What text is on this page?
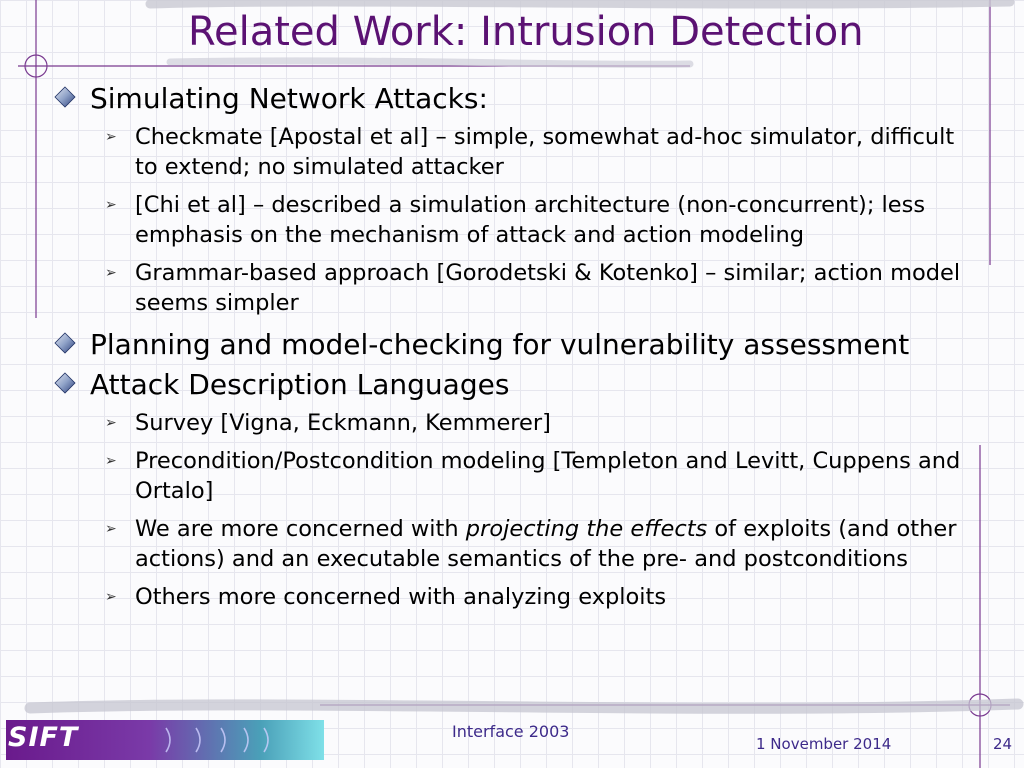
Related Work: Intrusion Detection
Simulating Network Attacks:
➢ Checkmate [Apostal et al] – simple, somewhat ad-hoc simulator, difficult to extend; no simulated attacker
➢ [Chi et al] – described a simulation architecture (non-concurrent); less emphasis on the mechanism of attack and action modeling
➢ Grammar-based approach [Gorodetski & Kotenko] – similar; action model seems simpler
Planning and model-checking for vulnerability assessment
Attack Description Languages
➢ Survey [Vigna, Eckmann, Kemmerer]
➢ Precondition/Postcondition modeling [Templeton and Levitt, Cuppens and Ortalo]
➢ We are more concerned with projecting the effects of exploits (and other actions) and an executable semantics of the pre- and postconditions
➢ Others more concerned with analyzing exploits
SIFT	Interface 2003
1 November 2014	24
